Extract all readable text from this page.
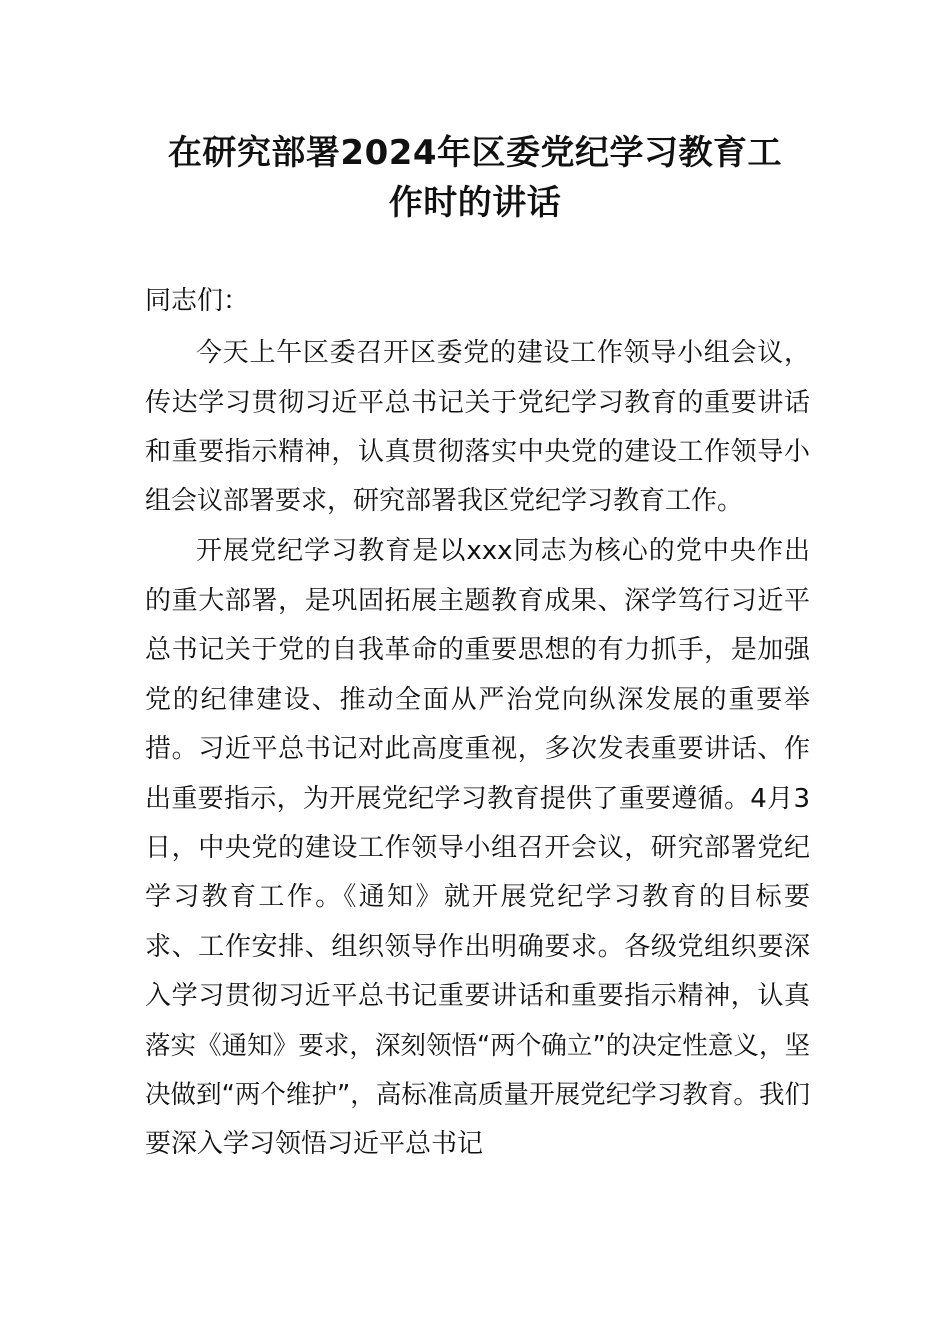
在研究部署2024年区委党纪学习教育工
作时的讲话

同志们：

今天上午区委召开区委党的建设工作领导小组会议，

传达学习贯彻习近平总书记关于党纪学习教育的重要讲话

和重要指示精神，认真贯彻落实中央党的建设工作领导小

组会议部署要求，研究部署我区党纪学习教育工作。

开展党纪学习教育是以xxx同志为核心的党中央作出

的重大部署，是巩固拓展主题教育成果、深学笃行习近平

总书记关于党的自我革命的重要思想的有力抓手，是加强

党的纪律建设、推动全面从严治党向纵深发展的重要举

措。习近平总书记对此高度重视，多次发表重要讲话、作

出重要指示，为开展党纪学习教育提供了重要遵循。4月3

日，中央党的建设工作领导小组召开会议，研究部署党纪

学习教育工作。《通知》就开展党纪学习教育的目标要

求、工作安排、组织领导作出明确要求。各级党组织要深

入学习贯彻习近平总书记重要讲话和重要指示精神，认真

落实《通知》要求，深刻领悟“两个确立”的决定性意义，坚

决做到“两个维护”，高标准高质量开展党纪学习教育。我们

要深入学习领悟习近平总书记
